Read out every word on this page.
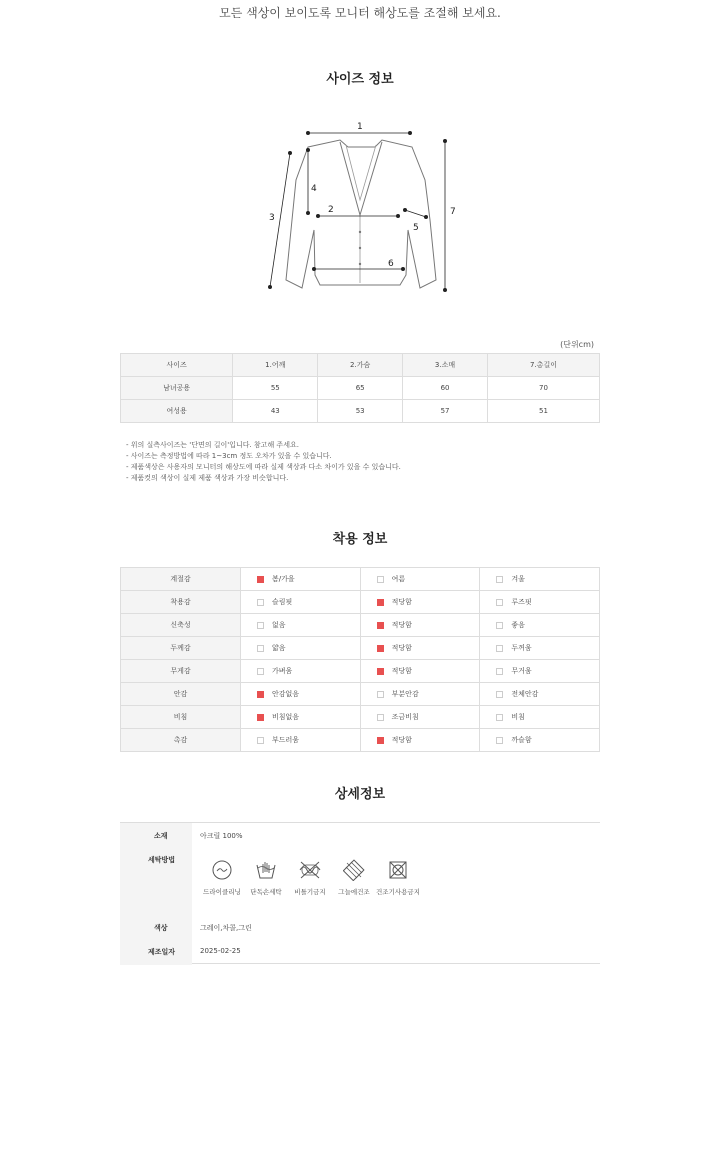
모든 색상이 보이도록 모니터 해상도를 조절해 보세요.
사이즈 정보
1
2
3
4
5
6
7
(단위cm)
사이즈	1.어깨	2.가슴	3.소매	7.총길이
남녀공용	55	65	60	70
여성용	43	53	57	51
- 위의 실측사이즈는 '단면의 길이'입니다. 참고해 주세요.
- 사이즈는 측정방법에 따라 1~3cm 정도 오차가 있을 수 있습니다.
- 제품색상은 사용자의 모니터의 해상도에 따라 실제 색상과 다소 차이가 있을 수 있습니다.
- 제품컷의 색상이 실제 제품 색상과 가장 비슷합니다.
착용 정보
계절감	봄/가을	여름	겨울
착용감	슬림핏	적당함	루즈핏
신축성	없음	적당함	좋음
두께감	얇음	적당함	두꺼움
무게감	가벼움	적당함	무거움
안감	안감없음	부분안감	전체안감
비침	비침없음	조금비침	비침
촉감	부드러움	적당함	까슬함
상세정보
소재	아크릴 100%
세탁방법
드라이클리닝	단독손세탁	비틀기금지	그늘에건조 건조기사용금지
색상	그레이,차콜,그린
제조일자	2025-02-25
